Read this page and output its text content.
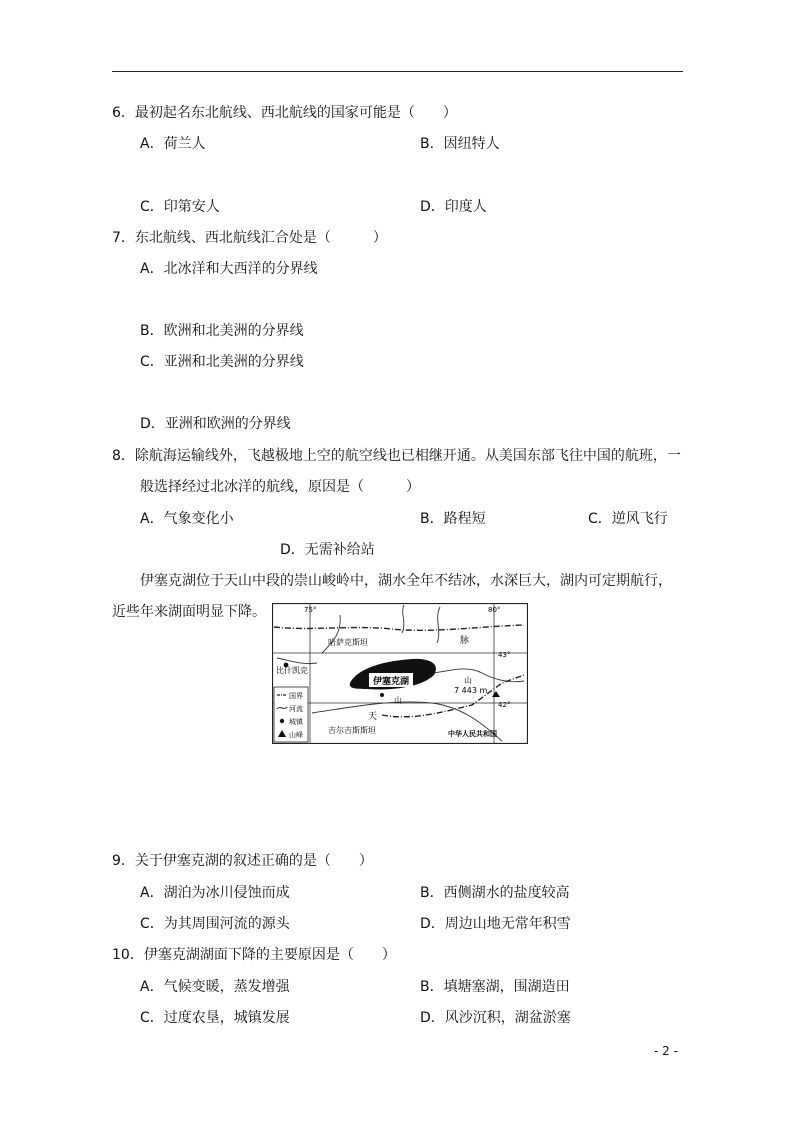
6．最初起名东北航线、西北航线的国家可能是（　　）
A．荷兰人	B．因纽特人
C．印第安人	D．印度人
7．东北航线、西北航线汇合处是（　　　）
A．北冰洋和大西洋的分界线
B．欧洲和北美洲的分界线
C．亚洲和北美洲的分界线
D．亚洲和欧洲的分界线
8．除航海运输线外，飞越极地上空的航空线也已相继开通。从美国东部飞往中国的航班，一
般选择经过北冰洋的航线，原因是（　　　）
A．气象变化小	B．路程短	C．逆风飞行
D．无需补给站
伊塞克湖位于天山中段的崇山峻岭中，湖水全年不结冰，水深巨大，湖内可定期航行，
近些年来湖面明显下降。
伊塞克湖
75°	80°
43°
42°
哈萨克斯坦
比什凯克
天
山
脉
山
7 443 m
吉尔吉斯斯坦	中华人民共和国
国界
河流
城镇
山峰
9．关于伊塞克湖的叙述正确的是（　　）
A．湖泊为冰川侵蚀而成	B．西侧湖水的盐度较高
C．为其周围河流的源头	D．周边山地无常年积雪
10．伊塞克湖湖面下降的主要原因是（　　）
A．气候变暖，蒸发增强	B．填塘塞湖，围湖造田
C．过度农垦，城镇发展	D．风沙沉积，湖盆淤塞
- 2 -
